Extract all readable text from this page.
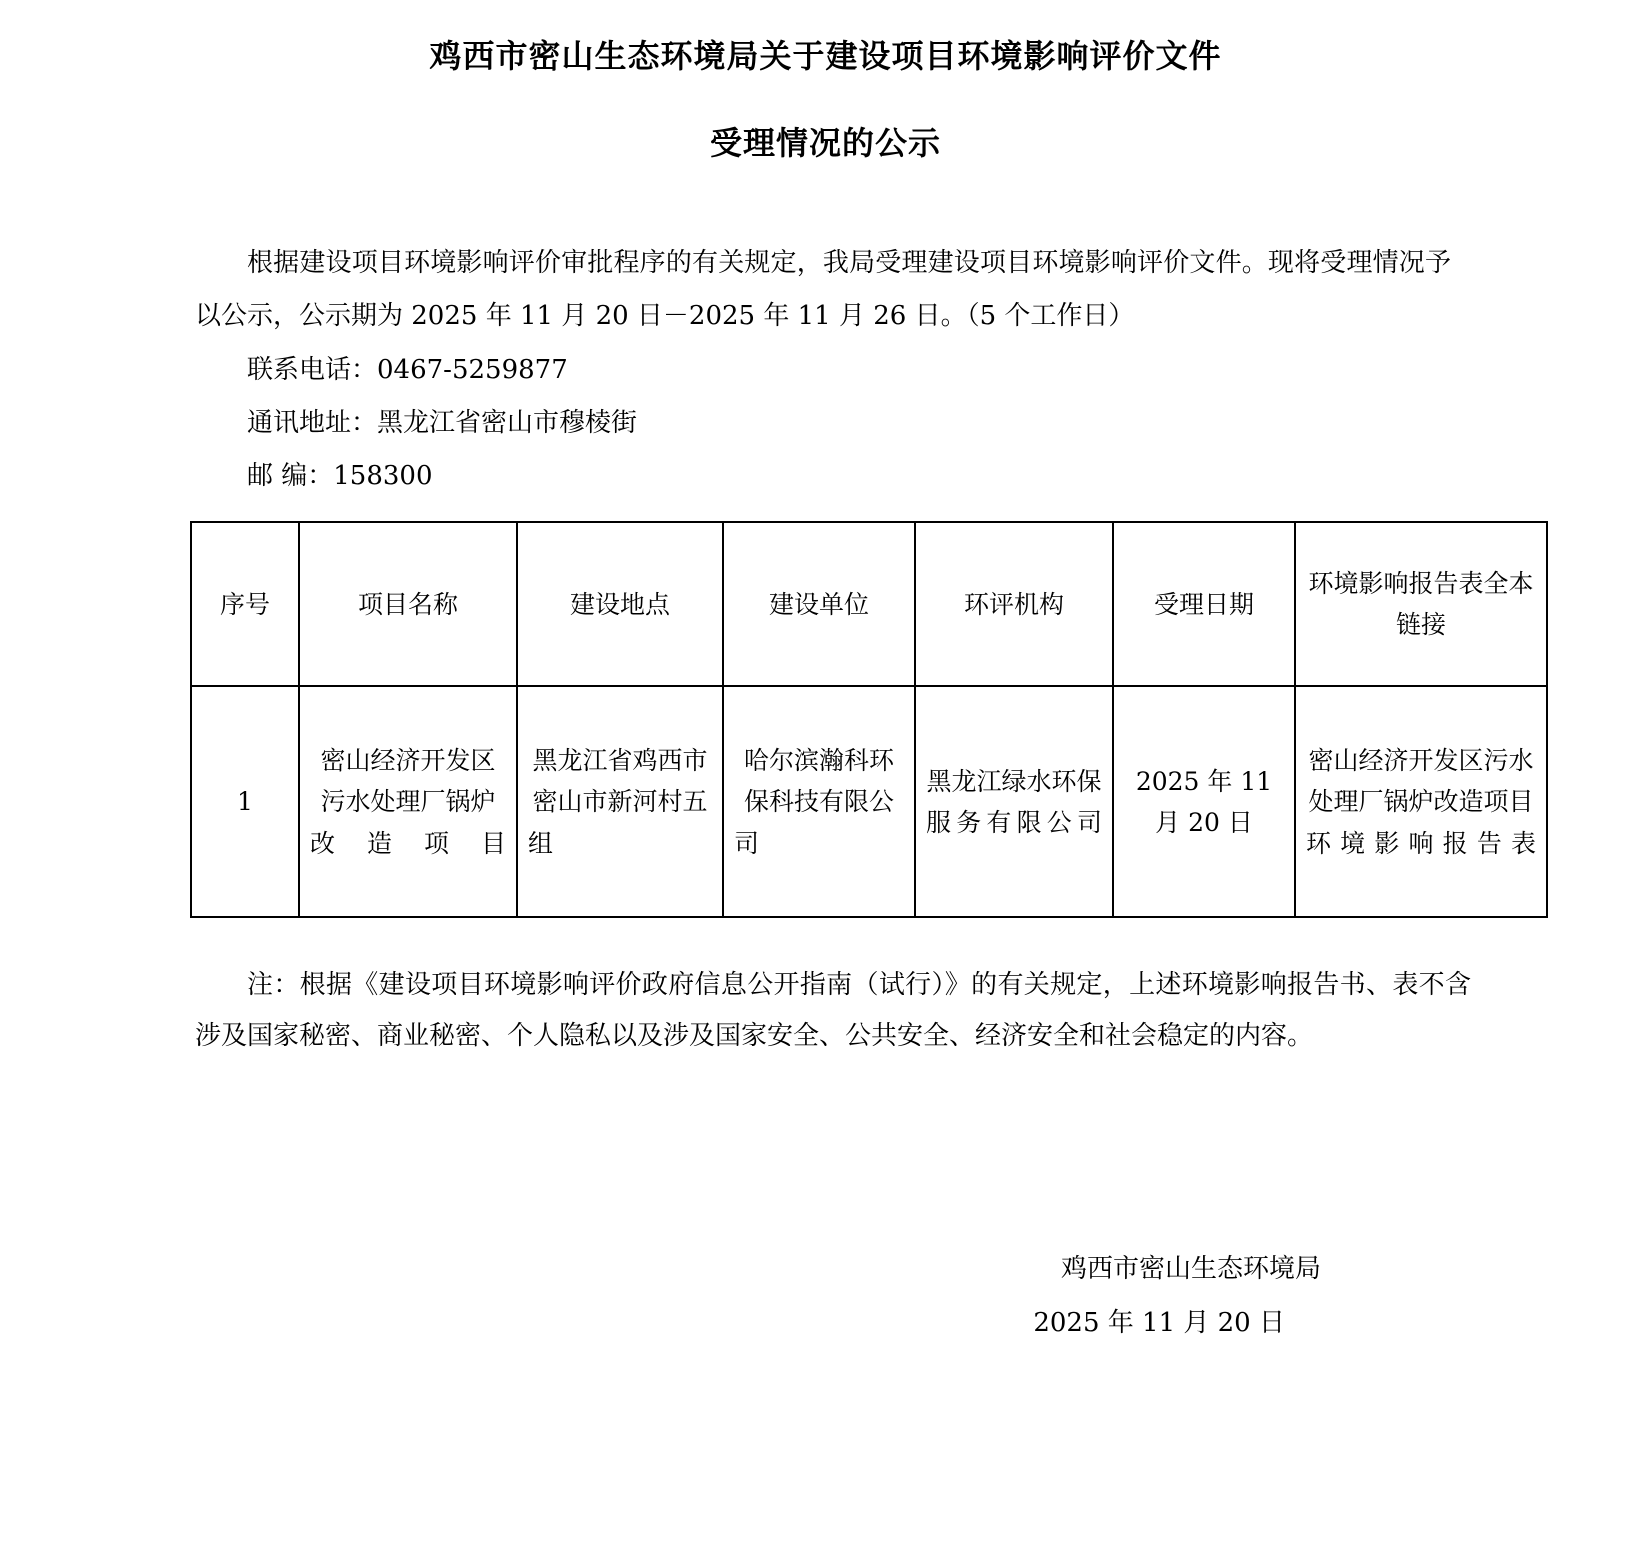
鸡西市密山生态环境局关于建设项目环境影响评价文件
受理情况的公示
根据建设项目环境影响评价审批程序的有关规定，我局受理建设项目环境影响评价文件。现将受理情况予以公示，公示期为 2025 年 11 月 20 日－2025 年 11 月 26 日。（5 个工作日）
联系电话：0467-5259877
通讯地址：黑龙江省密山市穆棱街
邮 编：158300
序号	项目名称	建设地点	建设单位	环评机构	受理日期	环境影响报告表全本链接
1	密山经济开发区污水处理厂锅炉改造项目	黑龙江省鸡西市密山市新河村五组	哈尔滨瀚科环保科技有限公司	黑龙江绿水环保服务有限公司	2025 年 11 月 20 日	密山经济开发区污水处理厂锅炉改造项目环境影响报告表
注：根据《建设项目环境影响评价政府信息公开指南（试行）》的有关规定，上述环境影响报告书、表不含涉及国家秘密、商业秘密、个人隐私以及涉及国家安全、公共安全、经济安全和社会稳定的内容。
鸡西市密山生态环境局
2025 年 11 月 20 日
